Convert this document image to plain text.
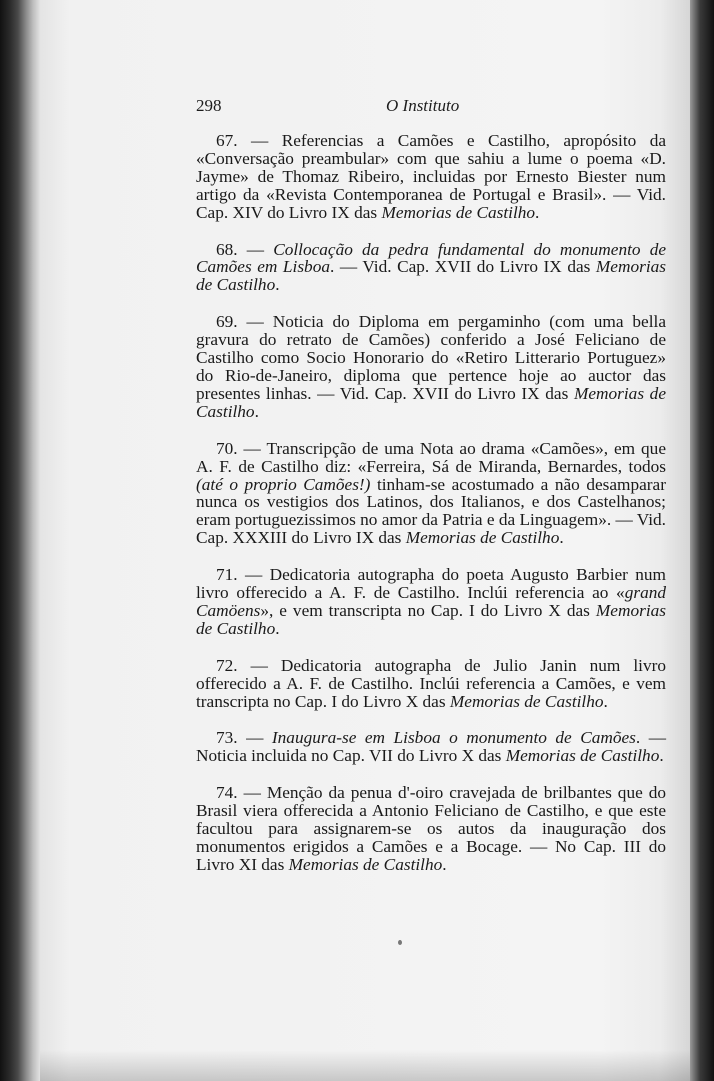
298	O Instituto

67. — Referencias a Camões e Castilho, apropósito da «Conversação preambular» com que sahiu a lume o poema «D. Jayme» de Thomaz Ribeiro, incluidas por Ernesto Biester num artigo da «Revista Contemporanea de Portugal e Brasil». — Vid. Cap. XIV do Livro IX das Memorias de Castilho.

68. — Collocação da pedra fundamental do monumento de Camões em Lisboa. — Vid. Cap. XVII do Livro IX das Memorias de Castilho.

69. — Noticia do Diploma em pergaminho (com uma bella gravura do retrato de Camões) conferido a José Feliciano de Castilho como Socio Honorario do «Retiro Litterario Portuguez» do Rio-de-Janeiro, diploma que pertence hoje ao auctor das presentes linhas. — Vid. Cap. XVII do Livro IX das Memorias de Castilho.

70. — Transcripção de uma Nota ao drama «Camões», em que A. F. de Castilho diz: «Ferreira, Sá de Miranda, Bernardes, todos (até o proprio Camões!) tinham-se acostumado a não desamparar nunca os vestigios dos Latinos, dos Italianos, e dos Castelhanos; eram portuguezissimos no amor da Patria e da Linguagem». — Vid. Cap. XXXIII do Livro IX das Memorias de Castilho.

71. — Dedicatoria autographa do poeta Augusto Barbier num livro offerecido a A. F. de Castilho. Inclúi referencia ao «grand Camöens», e vem transcripta no Cap. I do Livro X das Memorias de Castilho.

72. — Dedicatoria autographa de Julio Janin num livro offerecido a A. F. de Castilho. Inclúi referencia a Camões, e vem transcripta no Cap. I do Livro X das Memorias de Castilho.

73. — Inaugura-se em Lisboa o monumento de Camões. — Noticia incluida no Cap. VII do Livro X das Memorias de Castilho.

74. — Menção da penua d'-oiro cravejada de brilbantes que do Brasil viera offerecida a Antonio Feliciano de Castilho, e que este facultou para assignarem-se os autos da inauguração dos monumentos erigidos a Camões e a Bocage. — No Cap. III do Livro XI das Memorias de Castilho.
